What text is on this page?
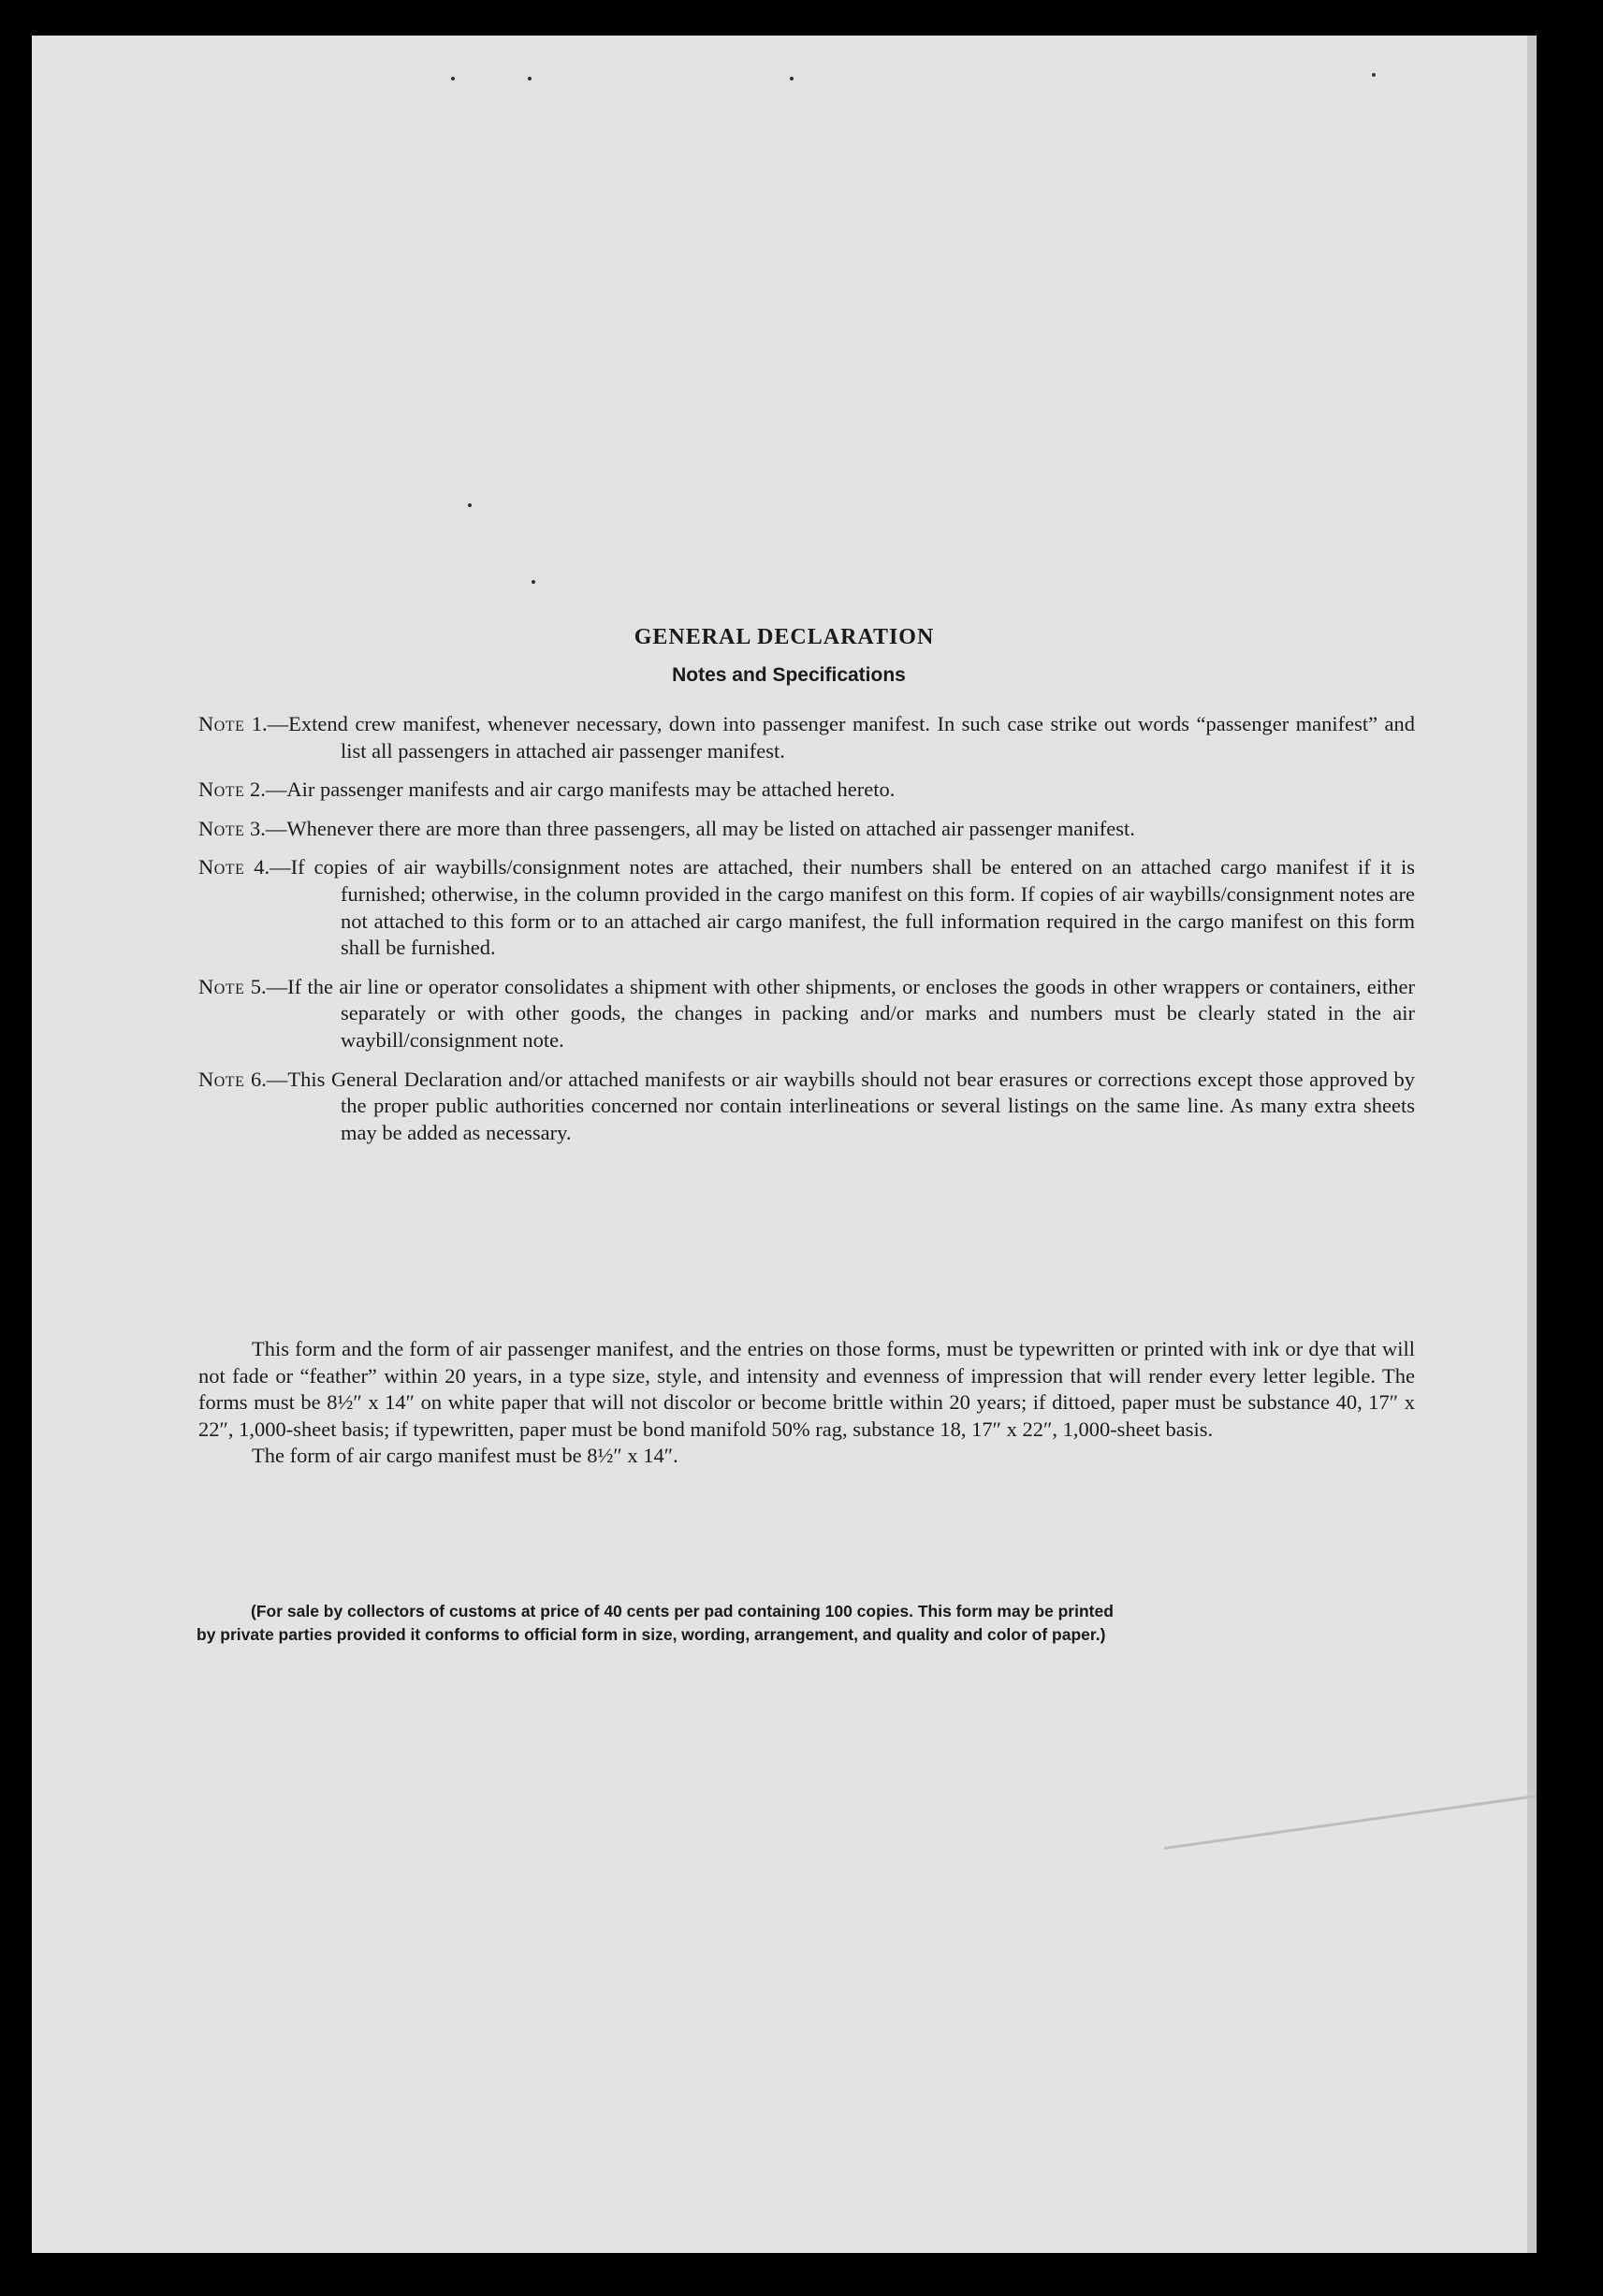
GENERAL DECLARATION
Notes and Specifications
Note 1.—Extend crew manifest, whenever necessary, down into passenger manifest. In such case strike out words “passenger manifest” and list all passengers in attached air passenger manifest.
Note 2.—Air passenger manifests and air cargo manifests may be attached hereto.
Note 3.—Whenever there are more than three passengers, all may be listed on attached air passenger manifest.
Note 4.—If copies of air waybills/consignment notes are attached, their numbers shall be entered on an attached cargo manifest if it is furnished; otherwise, in the column provided in the cargo manifest on this form. If copies of air waybills/consignment notes are not attached to this form or to an attached air cargo manifest, the full information required in the cargo manifest on this form shall be furnished.
Note 5.—If the air line or operator consolidates a shipment with other shipments, or encloses the goods in other wrappers or containers, either separately or with other goods, the changes in packing and/or marks and numbers must be clearly stated in the air waybill/consignment note.
Note 6.—This General Declaration and/or attached manifests or air waybills should not bear erasures or corrections except those approved by the proper public authorities concerned nor contain interlineations or several listings on the same line. As many extra sheets may be added as necessary.

This form and the form of air passenger manifest, and the entries on those forms, must be typewritten or printed with ink or dye that will not fade or “feather” within 20 years, in a type size, style, and intensity and evenness of impression that will render every letter legible. The forms must be 8½″ x 14″ on white paper that will not discolor or become brittle within 20 years; if dittoed, paper must be substance 40, 17″ x 22″, 1,000-sheet basis; if typewritten, paper must be bond manifold 50% rag, substance 18, 17″ x 22″, 1,000-sheet basis.

The form of air cargo manifest must be 8½″ x 14″.

(For sale by collectors of customs at price of 40 cents per pad containing 100 copies. This form may be printed
by private parties provided it conforms to official form in size, wording, arrangement, and quality and color of paper.)
